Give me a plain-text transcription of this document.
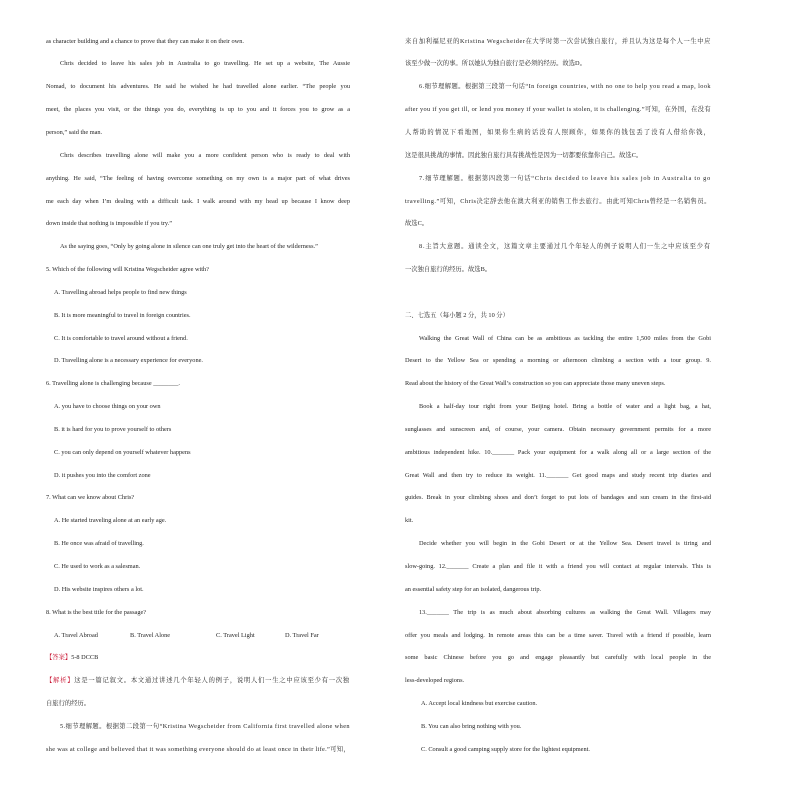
as character building and a chance to prove that they can make it on their own.
Chris decided to leave his sales job in Australia to go travelling. He set up a website, The Aussie
Nomad, to document his adventures. He said he wished he had travelled alone earlier. “The people you
meet, the places you visit, or the things you do, everything is up to you and it forces you to grow as a
person,” said the man.
Chris describes travelling alone will make you a more confident person who is ready to deal with
anything. He said, “The feeling of having overcome something on my own is a major part of what drives
me each day when I’m dealing with a difficult task. I walk around with my head up because I know deep
down inside that nothing is impossible if you try.”
As the saying goes, “Only by going alone in silence can one truly get into the heart of the wilderness.”
5. Which of the following will Kristina Wegscheider agree with?
A. Travelling abroad helps people to find new things
B. It is more meaningful to travel in foreign countries.
C. It is comfortable to travel around without a friend.
D. Travelling alone is a necessary experience for everyone.
6. Travelling alone is challenging because ________.
A. you have to choose things on your own
B. it is hard for you to prove yourself to others
C. you can only depend on yourself whatever happens
D. it pushes you into the comfort zone
7. What can we know about Chris?
A. He started traveling alone at an early age.
B. He once was afraid of travelling.
C. He used to work as a salesman.
D. His website inspires others a lot.
8. What is the best title for the passage?
A. Travel Abroad	B. Travel Alone	C. Travel Light	D. Travel Far
【答案】5-8 DCCB
【解析】这是一篇记叙文。本文通过讲述几个年轻人的例子，说明人们一生之中应该至少有一次独
自旅行的经历。
5.细节理解题。根据第二段第一句“Kristina Wegscheider from California first travelled alone when
she was at college and believed that it was something everyone should do at least once in their life.”可知，
来自加利福尼亚的Kristina Wegscheider在大学时第一次尝试独自旅行，并且认为这是每个人一生中应
该至少做一次的事。所以她认为独自旅行是必须的经历。故选D。
6.细节理解题。根据第三段第一句话“In foreign countries, with no one to help you read a map, look
after you if you get ill, or lend you money if your wallet is stolen, it is challenging.”可知，在外国，在没有
人帮助的情况下看地图，如果你生病的话没有人照顾你，如果你的钱包丢了没有人借给你钱，
这是很具挑战的事情。因此独自旅行具有挑战性是因为一切都要依靠你自己。故选C。
7.细节理解题。根据第四段第一句话“Chris decided to leave his sales job in Australia to go
travelling.”可知，Chris决定辞去他在澳大利亚的销售工作去旅行。由此可知Chris曾经是一名销售员。
故选C。
8.主旨大意题。通读全文，这篇文章主要通过几个年轻人的例子说明人们一生之中应该至少有
一次独自旅行的经历。故选B。
二、七选五（每小题 2 分，共 10 分）
Walking the Great Wall of China can be as ambitious as tackling the entire 1,500 miles from the Gobi
Desert to the Yellow Sea or spending a morning or afternoon climbing a section with a tour group. 9.
Read about the history of the Great Wall’s construction so you can appreciate those many uneven steps.
Book a half-day tour right from your Beijing hotel. Bring a bottle of water and a light bag, a hat,
sunglasses and sunscreen and, of course, your camera. Obtain necessary government permits for a more
ambitious independent hike. 10._______ Pack your equipment for a walk along all or a large section of the
Great Wall and then try to reduce its weight. 11._______ Get good maps and study recent trip diaries and
guides. Break in your climbing shoes and don’t forget to put lots of bandages and sun cream in the first-aid
kit.
Decide whether you will begin in the Gobi Desert or at the Yellow Sea. Desert travel is tiring and
slow-going. 12._______ Create a plan and file it with a friend you will contact at regular intervals. This is
an essential safety step for an isolated, dangerous trip.
13._______ The trip is as much about absorbing cultures as walking the Great Wall. Villagers may
offer you meals and lodging. In remote areas this can be a time saver. Travel with a friend if possible, learn
some basic Chinese before you go and engage pleasantly but carefully with local people in the
less-developed regions.
A. Accept local kindness but exercise caution.
B. You can also bring nothing with you.
C. Consult a good camping supply store for the lightest equipment.
